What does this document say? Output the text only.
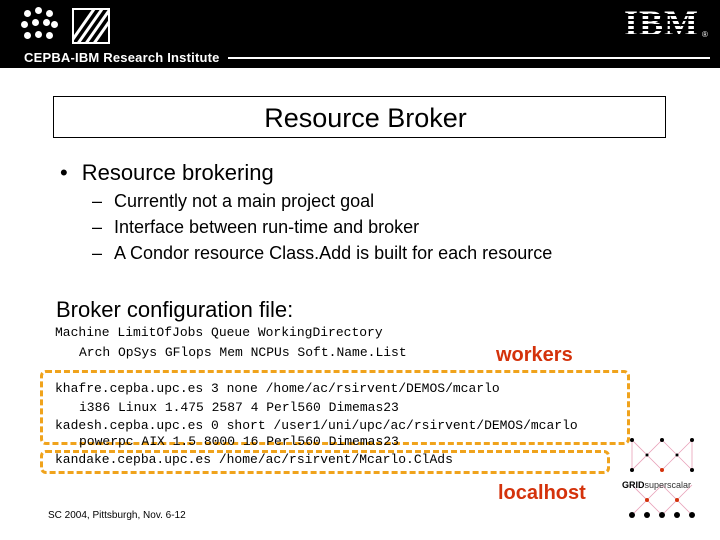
IBM ®
CEPBA-IBM Research Institute
Resource Broker
• Resource brokering
– Currently not a main project goal
– Interface between run-time and broker
– A Condor resource Class.Add is built for each resource
Broker configuration file:
Machine LimitOfJobs Queue WorkingDirectory
Arch OpSys GFlops Mem NCPUs Soft.Name.List	workers
khafre.cepba.upc.es 3 none /home/ac/rsirvent/DEMOS/mcarlo
i386 Linux 1.475 2587 4 Perl560 Dimemas23
kadesh.cepba.upc.es 0 short /user1/uni/upc/ac/rsirvent/DEMOS/mcarlo
powerpc AIX 1.5 8000 16 Perl560 Dimemas23
kandake.cepba.upc.es /home/ac/rsirvent/Mcarlo.ClAds
localhost
SC 2004, Pittsburgh, Nov. 6-12
GRIDsuperscalar
